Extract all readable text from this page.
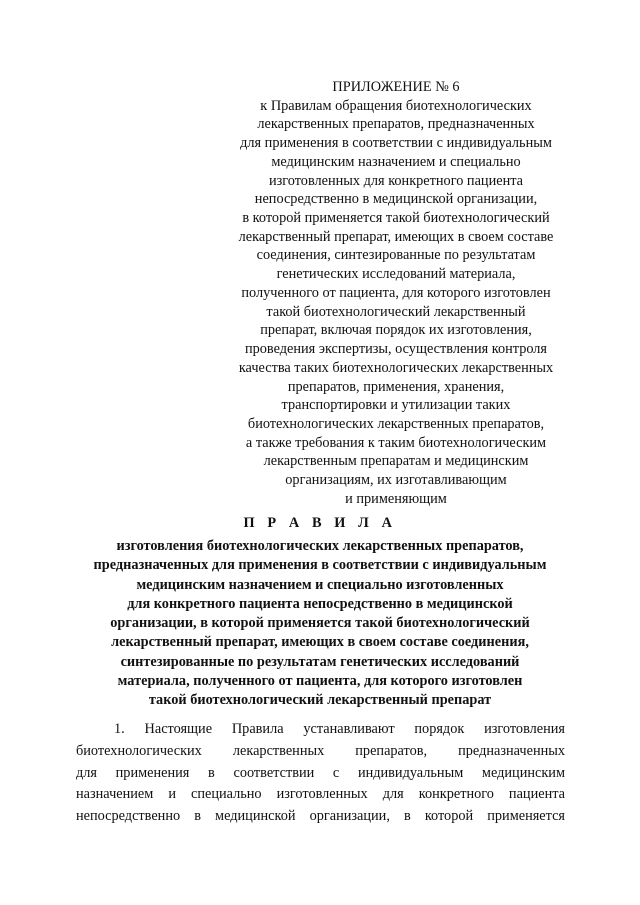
ПРИЛОЖЕНИЕ № 6
к Правилам обращения биотехнологических
лекарственных препаратов, предназначенных
для применения в соответствии с индивидуальным
медицинским назначением и специально
изготовленных для конкретного пациента
непосредственно в медицинской организации,
в которой применяется такой биотехнологический
лекарственный препарат, имеющих в своем составе
соединения, синтезированные по результатам
генетических исследований материала,
полученного от пациента, для которого изготовлен
такой биотехнологический лекарственный
препарат, включая порядок их изготовления,
проведения экспертизы, осуществления контроля
качества таких биотехнологических лекарственных
препаратов, применения, хранения,
транспортировки и утилизации таких
биотехнологических лекарственных препаратов,
а также требования к таким биотехнологическим
лекарственным препаратам и медицинским
организациям, их изготавливающим
и применяющим
П Р А В И Л А
изготовления биотехнологических лекарственных препаратов,
предназначенных для применения в соответствии с индивидуальным
медицинским назначением и специально изготовленных
для конкретного пациента непосредственно в медицинской
организации, в которой применяется такой биотехнологический
лекарственный препарат, имеющих в своем составе соединения,
синтезированные по результатам генетических исследований
материала, полученного от пациента, для которого изготовлен
такой биотехнологический лекарственный препарат
1. Настоящие Правила устанавливают порядок изготовления
биотехнологических лекарственных препаратов, предназначенных
для применения в соответствии с индивидуальным медицинским
назначением и специально изготовленных для конкретного пациента
непосредственно в медицинской организации, в которой применяется
